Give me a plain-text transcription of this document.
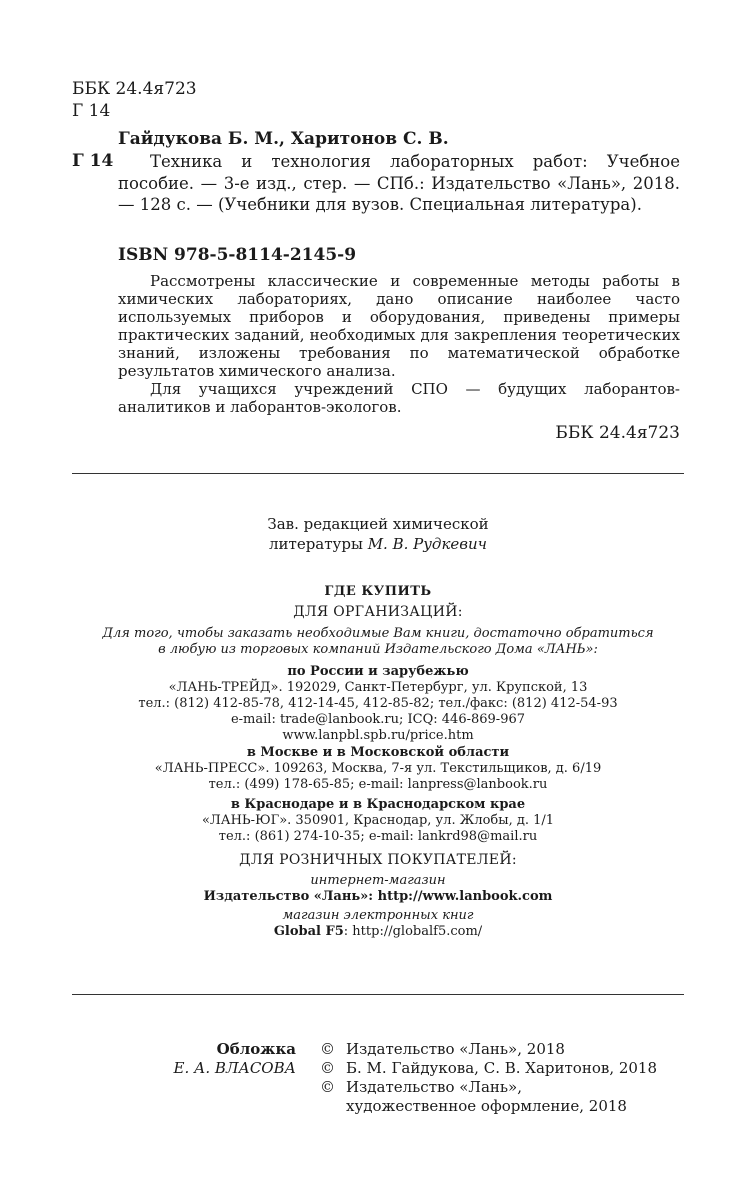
ББК 24.4я723
Г 14
Гайдукова Б. М., Харитонов С. В.
Г 14	Техника и технология лабораторных работ: Учебное пособие. — 3-е изд., стер. — СПб.: Издательство «Лань», 2018. — 128 с. — (Учебники для вузов. Специальная литература).
ISBN 978-5-8114-2145-9

Рассмотрены классические и современные методы работы в химических лабораториях, дано описание наиболее часто используемых приборов и оборудования, приведены примеры практических заданий, необходимых для закрепления теоретических знаний, изложены требования по математической обработке результатов химического анализа.

Для учащихся учреждений СПО — будущих лаборантов-аналитиков и лаборантов-экологов.

ББК 24.4я723
Зав. редакцией химической
литературы М. В. Рудкевич
ГДЕ КУПИТЬ
ДЛЯ ОРГАНИЗАЦИЙ:
Для того, чтобы заказать необходимые Вам книги, достаточно обратиться
в любую из торговых компаний Издательского Дома «ЛАНЬ»:
по России и зарубежью
«ЛАНЬ-ТРЕЙД». 192029, Санкт-Петербург, ул. Крупской, 13
тел.: (812) 412-85-78, 412-14-45, 412-85-82; тел./факс: (812) 412-54-93
e-mail: trade@lanbook.ru; ICQ: 446-869-967
www.lanpbl.spb.ru/price.htm
в Москве и в Московской области
«ЛАНЬ-ПРЕСС». 109263, Москва, 7-я ул. Текстильщиков, д. 6/19
тел.: (499) 178-65-85; e-mail: lanpress@lanbook.ru
в Краснодаре и в Краснодарском крае
«ЛАНЬ-ЮГ». 350901, Краснодар, ул. Жлобы, д. 1/1
тел.: (861) 274-10-35; e-mail: lankrd98@mail.ru
ДЛЯ РОЗНИЧНЫХ ПОКУПАТЕЛЕЙ:
интернет-магазин
Издательство «Лань»: http://www.lanbook.com
магазин электронных книг
Global F5: http://globalf5.com/
Обложка
Е. А. ВЛАСОВА
© Издательство «Лань», 2018
© Б. М. Гайдукова, С. В. Харитонов, 2018
© Издательство «Лань»,
художественное оформление, 2018
